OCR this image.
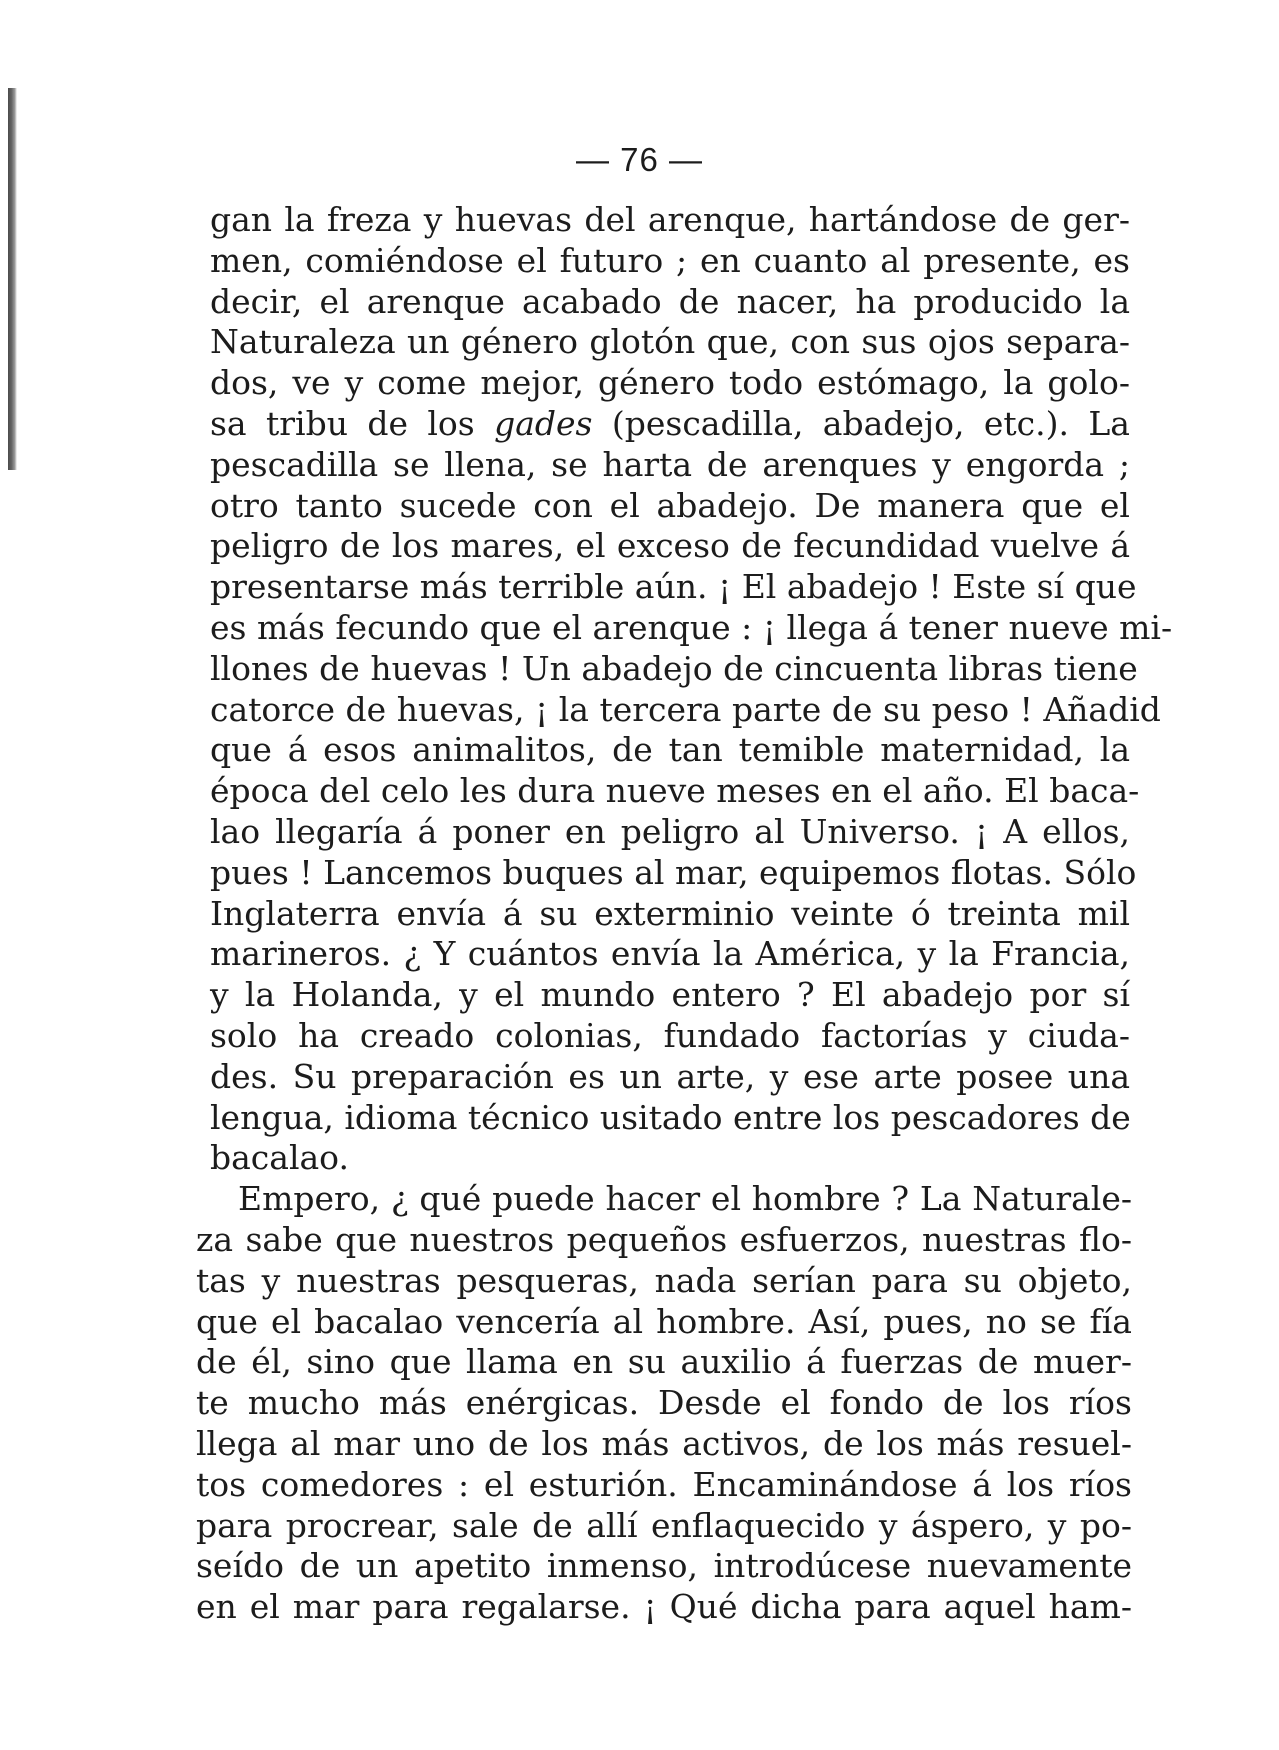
— 76 —
gan la freza y huevas del arenque, hartándose de ger-
men, comiéndose el futuro ; en cuanto al presente, es
decir, el arenque acabado de nacer, ha producido la
Naturaleza un género glotón que, con sus ojos separa-
dos, ve y come mejor, género todo estómago, la golo-
sa tribu de los gades (pescadilla, abadejo, etc.). La
pescadilla se llena, se harta de arenques y engorda ;
otro tanto sucede con el abadejo. De manera que el
peligro de los mares, el exceso de fecundidad vuelve á
presentarse más terrible aún. ¡ El abadejo ! Este sí que
es más fecundo que el arenque : ¡ llega á tener nueve mi-
llones de huevas ! Un abadejo de cincuenta libras tiene
catorce de huevas, ¡ la tercera parte de su peso ! Añadid
que á esos animalitos, de tan temible maternidad, la
época del celo les dura nueve meses en el año. El baca-
lao llegaría á poner en peligro al Universo. ¡ A ellos,
pues ! Lancemos buques al mar, equipemos flotas. Sólo
Inglaterra envía á su exterminio veinte ó treinta mil
marineros. ¿ Y cuántos envía la América, y la Francia,
y la Holanda, y el mundo entero ? El abadejo por sí
solo ha creado colonias, fundado factorías y ciuda-
des. Su preparación es un arte, y ese arte posee una
lengua, idioma técnico usitado entre los pescadores de
bacalao.
Empero, ¿ qué puede hacer el hombre ? La Naturale-
za sabe que nuestros pequeños esfuerzos, nuestras flo-
tas y nuestras pesqueras, nada serían para su objeto,
que el bacalao vencería al hombre. Así, pues, no se fía
de él, sino que llama en su auxilio á fuerzas de muer-
te mucho más enérgicas. Desde el fondo de los ríos
llega al mar uno de los más activos, de los más resuel-
tos comedores : el esturión. Encaminándose á los ríos
para procrear, sale de allí enflaquecido y áspero, y po-
seído de un apetito inmenso, introdúcese nuevamente
en el mar para regalarse. ¡ Qué dicha para aquel ham-
